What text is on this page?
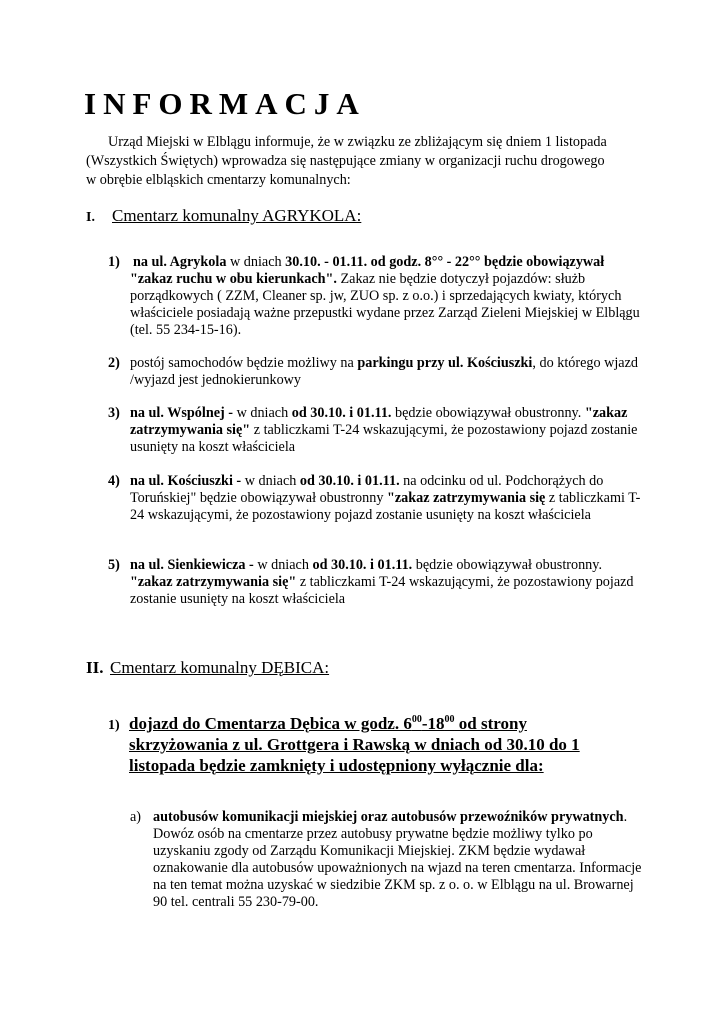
INFORMACJA
Urząd Miejski w Elblągu informuje, że w związku ze zbliżającym się dniem 1 listopada
(Wszystkich Świętych) wprowadza się następujące zmiany w organizacji ruchu drogowego
w obrębie elbląskich cmentarzy komunalnych:
I. Cmentarz komunalny AGRYKOLA:
1) na ul. Agrykola w dniach 30.10. - 01.11. od godz. 8°° - 22°° będzie obowiązywał "zakaz ruchu w obu kierunkach". Zakaz nie będzie dotyczył pojazdów: służb porządkowych ( ZZM, Cleaner sp. jw, ZUO sp. z o.o.) i sprzedających kwiaty, których właściciele posiadają ważne przepustki wydane przez Zarząd Zieleni Miejskiej w Elblągu (tel. 55 234-15-16).
2) postój samochodów będzie możliwy na parkingu przy ul. Kościuszki, do którego wjazd /wyjazd jest jednokierunkowy
3) na ul. Wspólnej - w dniach od 30.10. i 01.11. będzie obowiązywał obustronny. "zakaz zatrzymywania się" z tabliczkami T-24 wskazującymi, że pozostawiony pojazd zostanie usunięty na koszt właściciela
4) na ul. Kościuszki - w dniach od 30.10. i 01.11. na odcinku od ul. Podchorążych do Toruńskiej" będzie obowiązywał obustronny "zakaz zatrzymywania się z tabliczkami T-24 wskazującymi, że pozostawiony pojazd zostanie usunięty na koszt właściciela
5) na ul. Sienkiewicza - w dniach od 30.10. i 01.11. będzie obowiązywał obustronny. "zakaz zatrzymywania się" z tabliczkami T-24 wskazującymi, że pozostawiony pojazd zostanie usunięty na koszt właściciela
II. Cmentarz komunalny DĘBICA:
1) dojazd do Cmentarza Dębica w godz. $6^{00}-18^{00}$ od strony skrzyżowania z ul. Grottgera i Rawską w dniach od 30.10 do 1 listopada będzie zamknięty i udostępniony wyłącznie dla:
a) autobusów komunikacji miejskiej oraz autobusów przewoźników prywatnych. Dowóz osób na cmentarze przez autobusy prywatne będzie możliwy tylko po uzyskaniu zgody od Zarządu Komunikacji Miejskiej. ZKM będzie wydawał oznakowanie dla autobusów upoważnionych na wjazd na teren cmentarza. Informacje na ten temat można uzyskać w siedzibie ZKM sp. z o. o. w Elblągu na ul. Browarnej 90 tel. centrali 55 230-79-00.
